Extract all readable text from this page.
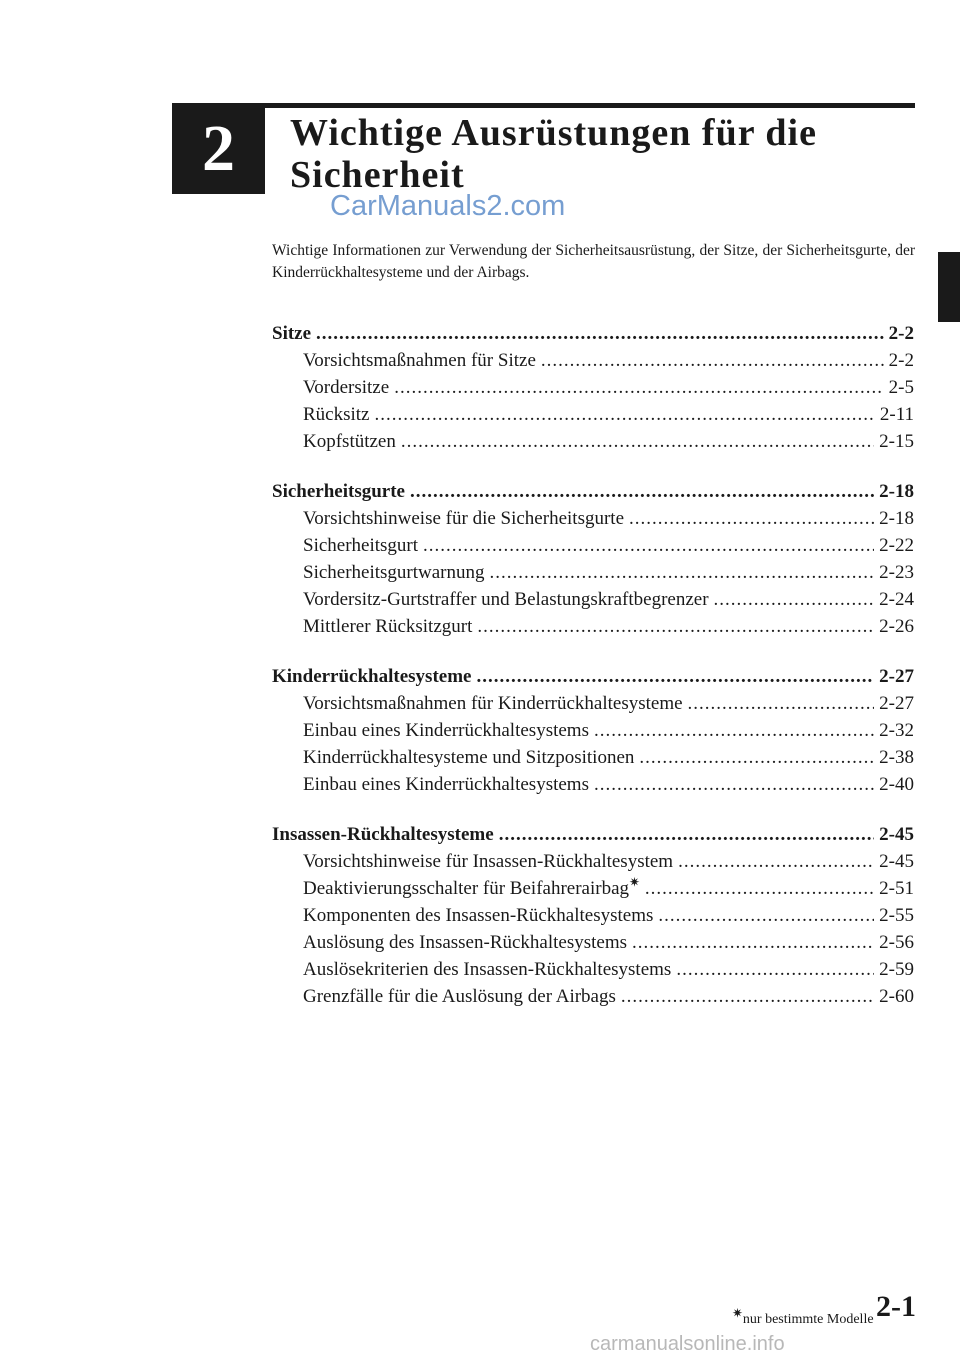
2 Wichtige Ausrüstungen für die Sicherheit
CarManuals2.com

Wichtige Informationen zur Verwendung der Sicherheitsausrüstung, der Sitze, der Sicherheitsgurte, der Kinderrückhaltesysteme und der Airbags.

Sitze .....	2-2
Vorsichtsmaßnahmen für Sitze .....	2-2
Vordersitze .....	2-5
Rücksitz .....	2-11
Kopfstützen .....	2-15
Sicherheitsgurte .....	2-18
Vorsichtshinweise für die Sicherheitsgurte .....	2-18
Sicherheitsgurt .....	2-22
Sicherheitsgurtwarnung .....	2-23
Vordersitz-Gurtstraffer und Belastungskraftbegrenzer .....	2-24
Mittlerer Rücksitzgurt .....	2-26
Kinderrückhaltesysteme .....	2-27
Vorsichtsmaßnahmen für Kinderrückhaltesysteme .....	2-27
Einbau eines Kinderrückhaltesystems .....	2-32
Kinderrückhaltesysteme und Sitzpositionen .....	2-38
Einbau eines Kinderrückhaltesystems .....	2-40
Insassen-Rückhaltesysteme .....	2-45
Vorsichtshinweise für Insassen-Rückhaltesystem .....	2-45
Deaktivierungsschalter für Beifahrerairbag✷ .....	2-51
Komponenten des Insassen-Rückhaltesystems .....	2-55
Auslösung des Insassen-Rückhaltesystems .....	2-56
Auslösekriterien des Insassen-Rückhaltesystems .....	2-59
Grenzfälle für die Auslösung der Airbags .....	2-60
✷nur bestimmte Modelle 2-1
carmanualsonline.info
